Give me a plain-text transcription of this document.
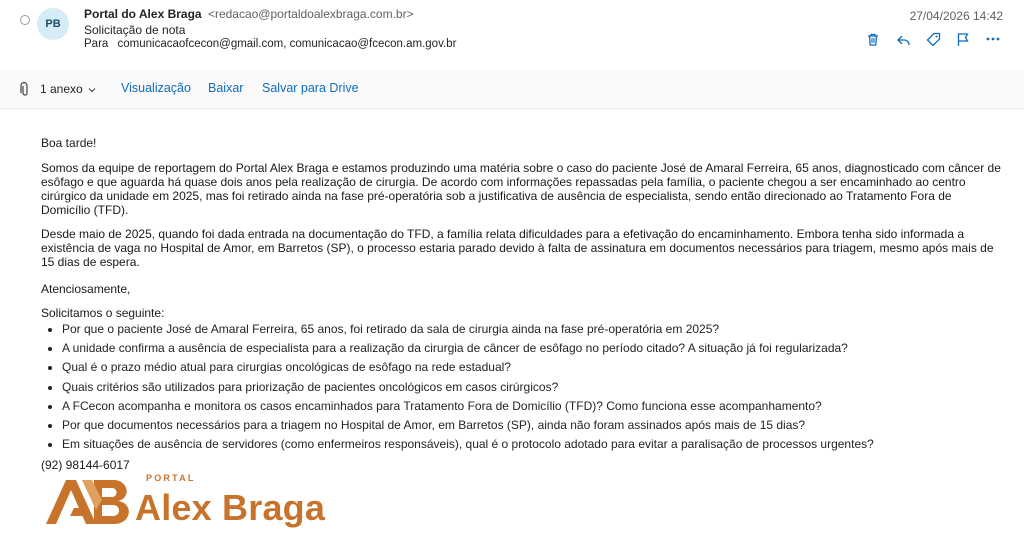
PB
Portal do Alex Braga <redacao@portaldoalexbraga.com.br>
Solicitação de nota
Para comunicacaofcecon@gmail.com, comunicacao@fcecon.am.gov.br
27/04/2026 14:42
1 anexo	Visualização Baixar Salvar para Drive

Boa tarde!

Somos da equipe de reportagem do Portal Alex Braga e estamos produzindo uma matéria sobre o caso do paciente José de Amaral Ferreira, 65 anos, diagnosticado com câncer de esôfago e que aguarda há quase dois anos pela realização de cirurgia. De acordo com informações repassadas pela família, o paciente chegou a ser encaminhado ao centro cirúrgico da unidade em 2025, mas foi retirado ainda na fase pré-operatória sob a justificativa de ausência de especialista, sendo então direcionado ao Tratamento Fora de Domicílio (TFD).

Desde maio de 2025, quando foi dada entrada na documentação do TFD, a família relata dificuldades para a efetivação do encaminhamento. Embora tenha sido informada a existência de vaga no Hospital de Amor, em Barretos (SP), o processo estaria parado devido à falta de assinatura em documentos necessários para triagem, mesmo após mais de 15 dias de espera.

Atenciosamente,

Solicitamos o seguinte:

• Por que o paciente José de Amaral Ferreira, 65 anos, foi retirado da sala de cirurgia ainda na fase pré-operatória em 2025?
• A unidade confirma a ausência de especialista para a realização da cirurgia de câncer de esôfago no período citado? A situação já foi regularizada?
• Qual é o prazo médio atual para cirurgias oncológicas de esôfago na rede estadual?
• Quais critérios são utilizados para priorização de pacientes oncológicos em casos cirúrgicos?
• A FCecon acompanha e monitora os casos encaminhados para Tratamento Fora de Domicílio (TFD)? Como funciona esse acompanhamento?
• Por que documentos necessários para a triagem no Hospital de Amor, em Barretos (SP), ainda não foram assinados após mais de 15 dias?
• Em situações de ausência de servidores (como enfermeiros responsáveis), qual é o protocolo adotado para evitar a paralisação de processos urgentes?
(92) 98144-6017
PORTAL
Alex Braga
